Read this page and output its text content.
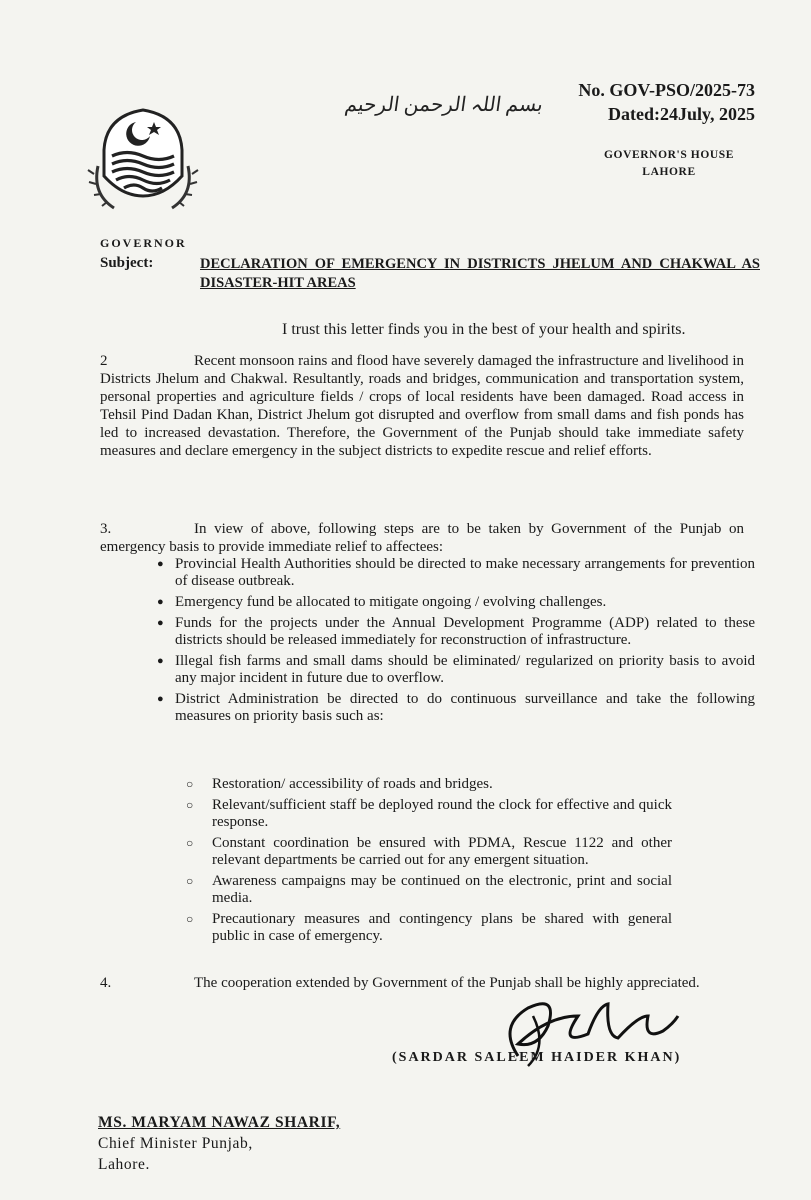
بسم اللہ الرحمن الرحیم
No. GOV-PSO/2025-73
Dated:24July, 2025
GOVERNOR'S HOUSE
LAHORE
GOVERNOR
Subject:	DECLARATION OF EMERGENCY IN DISTRICTS JHELUM AND CHAKWAL AS DISASTER-HIT AREAS
I trust this letter finds you in the best of your health and spirits.
2	Recent monsoon rains and flood have severely damaged the infrastructure and livelihood in Districts Jhelum and Chakwal. Resultantly, roads and bridges, communication and transportation system, personal properties and agriculture fields / crops of local residents have been damaged. Road access in Tehsil Pind Dadan Khan, District Jhelum got disrupted and overflow from small dams and fish ponds has led to increased devastation. Therefore, the Government of the Punjab should take immediate safety measures and declare emergency in the subject districts to expedite rescue and relief efforts.
3.	In view of above, following steps are to be taken by Government of the Punjab on emergency basis to provide immediate relief to affectees:
● Provincial Health Authorities should be directed to make necessary arrangements for prevention of disease outbreak.
● Emergency fund be allocated to mitigate ongoing / evolving challenges.
● Funds for the projects under the Annual Development Programme (ADP) related to these districts should be released immediately for reconstruction of infrastructure.
● Illegal fish farms and small dams should be eliminated/ regularized on priority basis to avoid any major incident in future due to overflow.
● District Administration be directed to do continuous surveillance and take the following measures on priority basis such as:
○ Restoration/ accessibility of roads and bridges.
○ Relevant/sufficient staff be deployed round the clock for effective and quick response.
○ Constant coordination be ensured with PDMA, Rescue 1122 and other relevant departments be carried out for any emergent situation.
○ Awareness campaigns may be continued on the electronic, print and social media.
○ Precautionary measures and contingency plans be shared with general public in case of emergency.
4.	The cooperation extended by Government of the Punjab shall be highly appreciated.
(SARDAR SALEEM HAIDER KHAN)
MS. MARYAM NAWAZ SHARIF,
Chief Minister Punjab,
Lahore.
